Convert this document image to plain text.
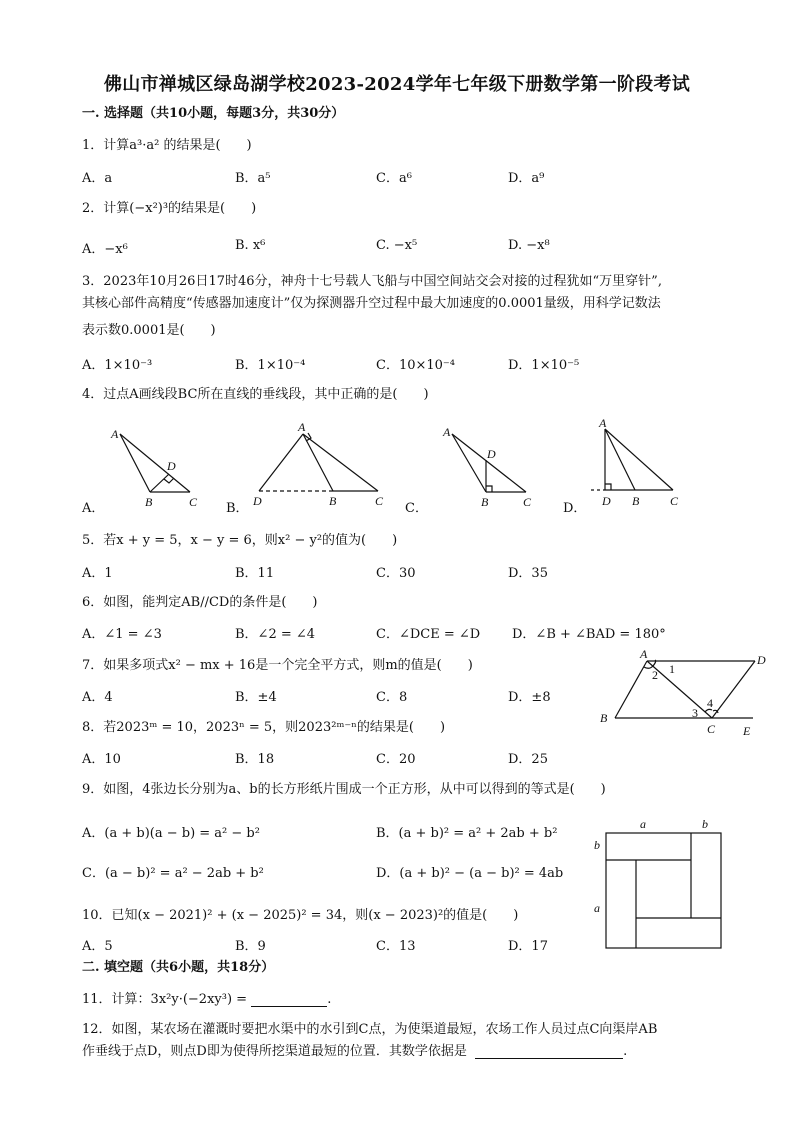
佛山市禅城区绿岛湖学校2023-2024学年七年级下册数学第一阶段考试
一. 选择题（共10小题，每题3分，共30分）
1．计算a³·a² 的结果是(　　)
A．a	B．a⁵	C．a⁶	D．a⁹
2．计算(−x²)³的结果是(　　)
A．−x⁶	B. x⁶	C. −x⁵	D. −x⁸
3．2023年10月26日17时46分，神舟十七号载人飞船与中国空间站交会对接的过程犹如“万里穿针”,
其核心部件高精度“传感器加速度计”仅为探测器升空过程中最大加速度的0.0001量级，用科学记数法
表示数0.0001是(　　)
A．1×10⁻³	B．1×10⁻⁴	C．10×10⁻⁴	D．1×10⁻⁵
4．过点A画线段BC所在直线的垂线段，其中正确的是(　　)
A．	B．	C．	D．
A
D
B	C
A
D	B	C
A
D
B	C
A
D B	C
5．若x + y = 5，x − y = 6，则x² − y²的值为(　　)
A．1	B．11	C．30	D．35
6．如图，能判定AB//CD的条件是(　　)
A．∠1 = ∠3	B．∠2 = ∠4	C．∠DCE = ∠D D．∠B + ∠BAD = 180°
A	D
B
C E
1
2
3
4
7．如果多项式x² − mx + 16是一个完全平方式，则m的值是(　　)
A．4	B．±4	C．8	D．±8
8．若2023ᵐ = 10，2023ⁿ = 5，则2023²ᵐ⁻ⁿ的结果是(　　)
A．10	B．18	C．20	D．25
9．如图，4张边长分别为a、b的长方形纸片围成一个正方形，从中可以得到的等式是(　　)
A．(a + b)(a − b) = a² − b²	B．(a + b)² = a² + 2ab + b²
C．(a − b)² = a² − 2ab + b²	D．(a + b)² − (a − b)² = 4ab
a	b
b
a
10．已知(x − 2021)² + (x − 2025)² = 34，则(x − 2023)²的值是(　　)
A．5	B．9	C．13	D．17
二. 填空题（共6小题，共18分）
11．计算：3x²y·(−2xy³) =	.
12．如图，某农场在灌溉时要把水渠中的水引到C点，为使渠道最短，农场工作人员过点C向渠岸AB
作垂线于点D，则点D即为使得所挖渠道最短的位置．其数学依据是	.
